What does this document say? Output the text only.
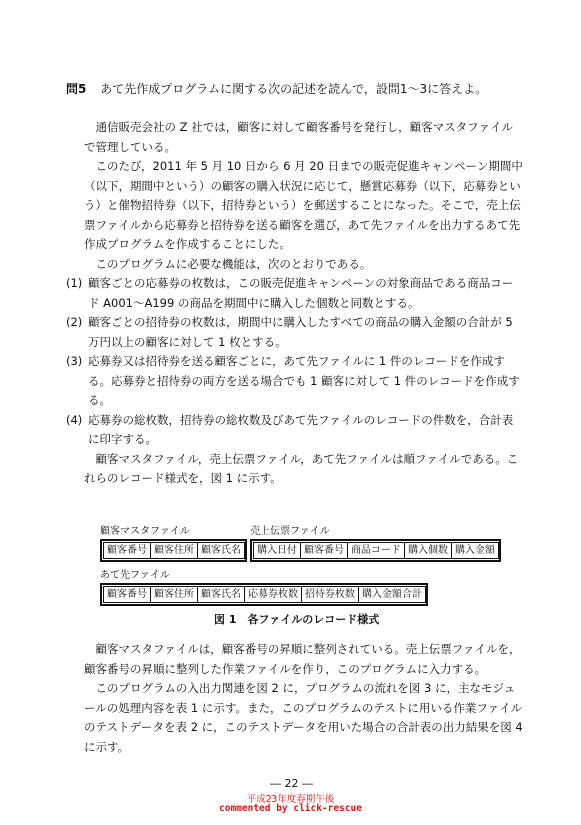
問5 あて先作成プログラムに関する次の記述を読んで，設問1～3に答えよ。

通信販売会社の Z 社では，顧客に対して顧客番号を発行し，顧客マスタファイルで管理している。

このたび，2011 年 5 月 10 日から 6 月 20 日までの販売促進キャンペーン期間中（以下，期間中という）の顧客の購入状況に応じて，懸賞応募券（以下，応募券という）と催物招待券（以下，招待券という）を郵送することになった。そこで，売上伝票ファイルから応募券と招待券を送る顧客を選び，あて先ファイルを出力するあて先作成プログラムを作成することにした。

このプログラムに必要な機能は，次のとおりである。

(1) 顧客ごとの応募券の枚数は，この販売促進キャンペーンの対象商品である商品コード A001～A199 の商品を期間中に購入した個数と同数とする。
(2) 顧客ごとの招待券の枚数は，期間中に購入したすべての商品の購入金額の合計が 5 万円以上の顧客に対して 1 枚とする。
(3) 応募券又は招待券を送る顧客ごとに，あて先ファイルに 1 件のレコードを作成する。応募券と招待券の両方を送る場合でも 1 顧客に対して 1 件のレコードを作成する。
(4) 応募券の総枚数，招待券の総枚数及びあて先ファイルのレコードの件数を，合計表に印字する。

顧客マスタファイル，売上伝票ファイル，あて先ファイルは順ファイルである。これらのレコード様式を，図 1 に示す。

顧客マスタファイル
顧客番号 顧客住所 顧客氏名
売上伝票ファイル
購入日付 顧客番号 商品コード 購入個数 購入金額
あて先ファイル
顧客番号 顧客住所 顧客氏名 応募券枚数 招待券枚数 購入金額合計
図 1　各ファイルのレコード様式

顧客マスタファイルは，顧客番号の昇順に整列されている。売上伝票ファイルを，顧客番号の昇順に整列した作業ファイルを作り，このプログラムに入力する。

このプログラムの入出力関連を図 2 に，プログラムの流れを図 3 に，主なモジュールの処理内容を表 1 に示す。また，このプログラムのテストに用いる作業ファイルのテストデータを表 2 に，このテストデータを用いた場合の合計表の出力結果を図 4 に示す。

― 22 ―
平成23年度春期午後
commented by click-rescue
